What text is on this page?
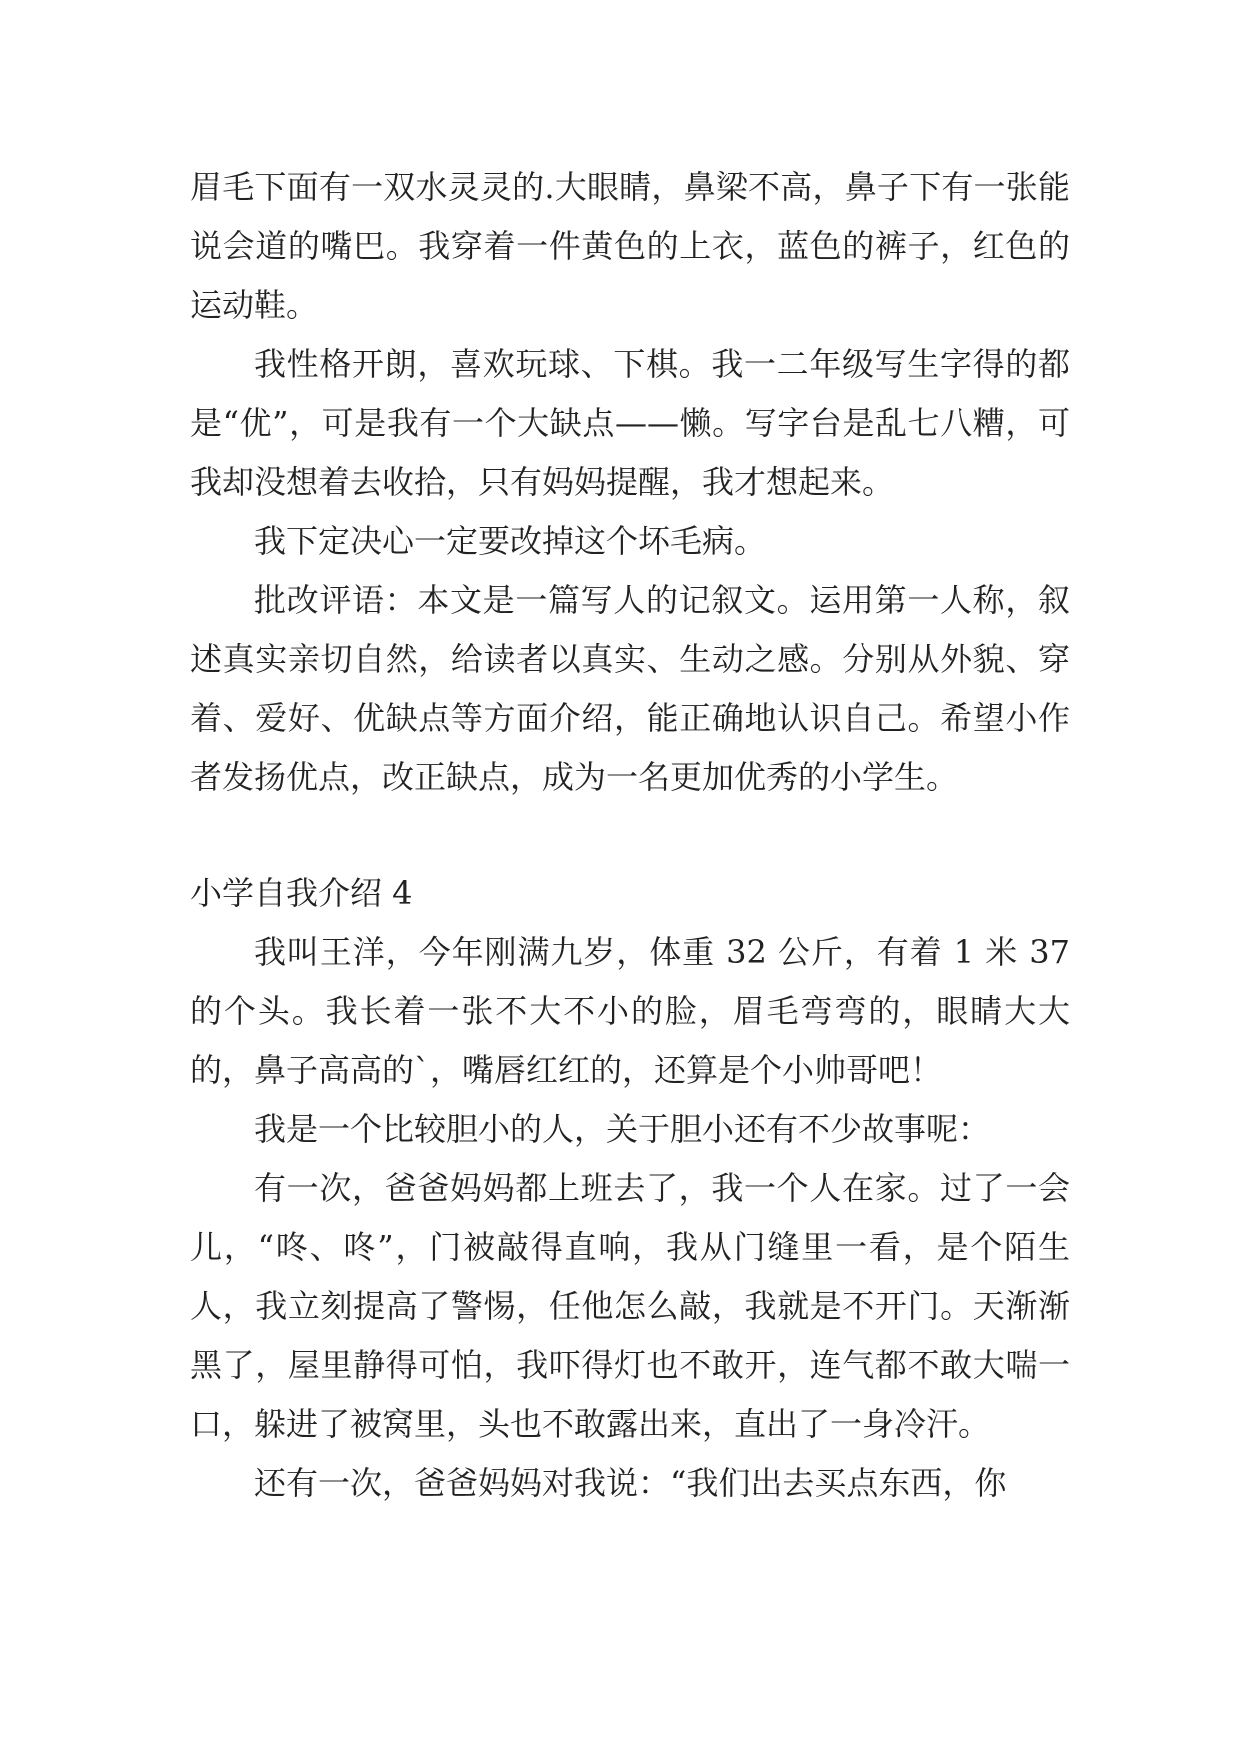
眉毛下面有一双水灵灵的.大眼睛，鼻梁不高，鼻子下有一张能说会道的嘴巴。我穿着一件黄色的上衣，蓝色的裤子，红色的运动鞋。

我性格开朗，喜欢玩球、下棋。我一二年级写生字得的都是“优”，可是我有一个大缺点——懒。写字台是乱七八糟，可我却没想着去收拾，只有妈妈提醒，我才想起来。

我下定决心一定要改掉这个坏毛病。

批改评语：本文是一篇写人的记叙文。运用第一人称，叙述真实亲切自然，给读者以真实、生动之感。分别从外貌、穿着、爱好、优缺点等方面介绍，能正确地认识自己。希望小作者发扬优点，改正缺点，成为一名更加优秀的小学生。

小学自我介绍 4

我叫王洋，今年刚满九岁，体重 32 公斤，有着 1 米 37 的个头。我长着一张不大不小的脸，眉毛弯弯的，眼睛大大的，鼻子高高的`，嘴唇红红的，还算是个小帅哥吧！

我是一个比较胆小的人，关于胆小还有不少故事呢：

有一次，爸爸妈妈都上班去了，我一个人在家。过了一会儿，“咚、咚”，门被敲得直响，我从门缝里一看，是个陌生人，我立刻提高了警惕，任他怎么敲，我就是不开门。天渐渐黑了，屋里静得可怕，我吓得灯也不敢开，连气都不敢大喘一口，躲进了被窝里，头也不敢露出来，直出了一身冷汗。

还有一次，爸爸妈妈对我说：“我们出去买点东西，你
